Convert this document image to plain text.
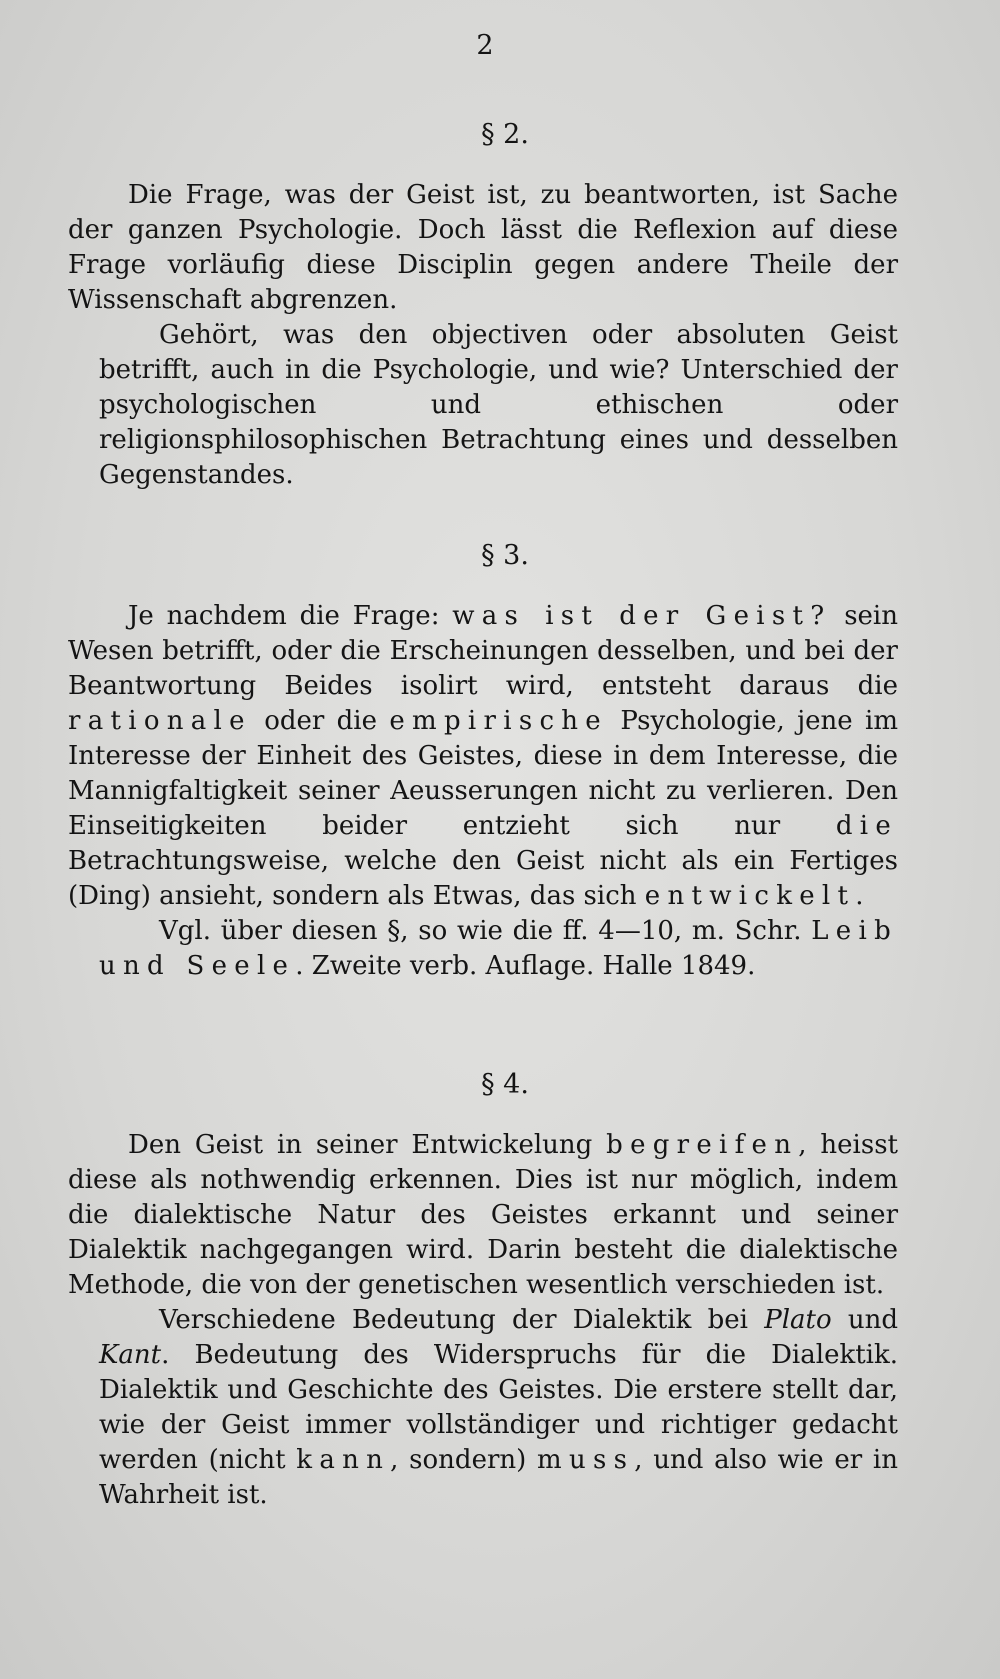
2
§ 2.

Die Frage, was der Geist ist, zu beantworten, ist Sache der ganzen Psychologie. Doch lässt die Reflexion auf diese Frage vorläufig diese Disciplin gegen andere Theile der Wissenschaft abgrenzen.

Gehört, was den objectiven oder absoluten Geist betrifft, auch in die Psychologie, und wie? Unterschied der psychologischen und ethischen oder religionsphilosophischen Betrachtung eines und desselben Gegenstandes.

§ 3.

Je nachdem die Frage: was ist der Geist? sein Wesen betrifft, oder die Erscheinungen desselben, und bei der Beantwortung Beides isolirt wird, entsteht daraus die rationale oder die empirische Psychologie, jene im Interesse der Einheit des Geistes, diese in dem Interesse, die Mannigfaltigkeit seiner Aeusserungen nicht zu verlieren. Den Einseitigkeiten beider entzieht sich nur die Betrachtungsweise, welche den Geist nicht als ein Fertiges (Ding) ansieht, sondern als Etwas, das sich entwickelt.

Vgl. über diesen §, so wie die ff. 4—10, m. Schr. Leib und Seele. Zweite verb. Auflage. Halle 1849.

§ 4.

Den Geist in seiner Entwickelung begreifen, heisst diese als nothwendig erkennen. Dies ist nur möglich, indem die dialektische Natur des Geistes erkannt und seiner Dialektik nachgegangen wird. Darin besteht die dialektische Methode, die von der genetischen wesentlich verschieden ist.

Verschiedene Bedeutung der Dialektik bei Plato und Kant. Bedeutung des Widerspruchs für die Dialektik. Dialektik und Geschichte des Geistes. Die erstere stellt dar, wie der Geist immer vollständiger und richtiger gedacht werden (nicht kann, sondern) muss, und also wie er in Wahrheit ist.
